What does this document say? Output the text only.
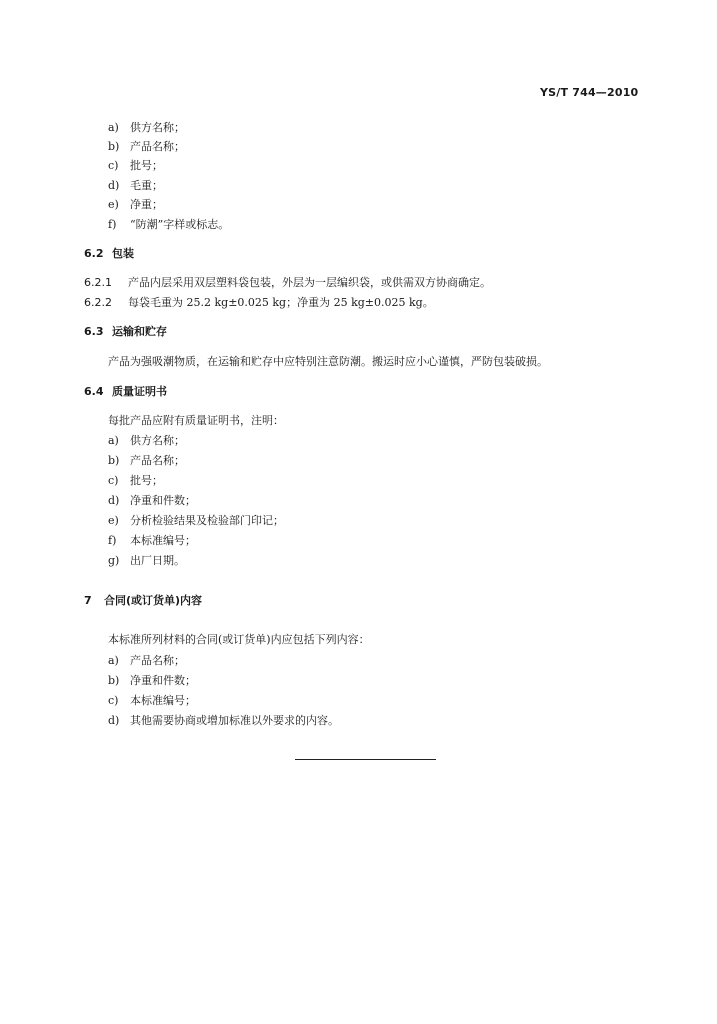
YS/T 744—2010
a) 供方名称；
b) 产品名称；
c) 批号；
d) 毛重；
e) 净重；
f) “防潮”字样或标志。
6.2 包装
6.2.1 产品内层采用双层塑料袋包装，外层为一层编织袋，或供需双方协商确定。
6.2.2 每袋毛重为 25.2 kg±0.025 kg；净重为 25 kg±0.025 kg。
6.3 运输和贮存
产品为强吸潮物质，在运输和贮存中应特别注意防潮。搬运时应小心谨慎，严防包装破损。
6.4 质量证明书
每批产品应附有质量证明书，注明：
a) 供方名称；
b) 产品名称；
c) 批号；
d) 净重和件数；
e) 分析检验结果及检验部门印记；
f) 本标准编号；
g) 出厂日期。
7 合同(或订货单)内容
本标准所列材料的合同(或订货单)内应包括下列内容：
a) 产品名称；
b) 净重和件数；
c) 本标准编号；
d) 其他需要协商或增加标准以外要求的内容。
